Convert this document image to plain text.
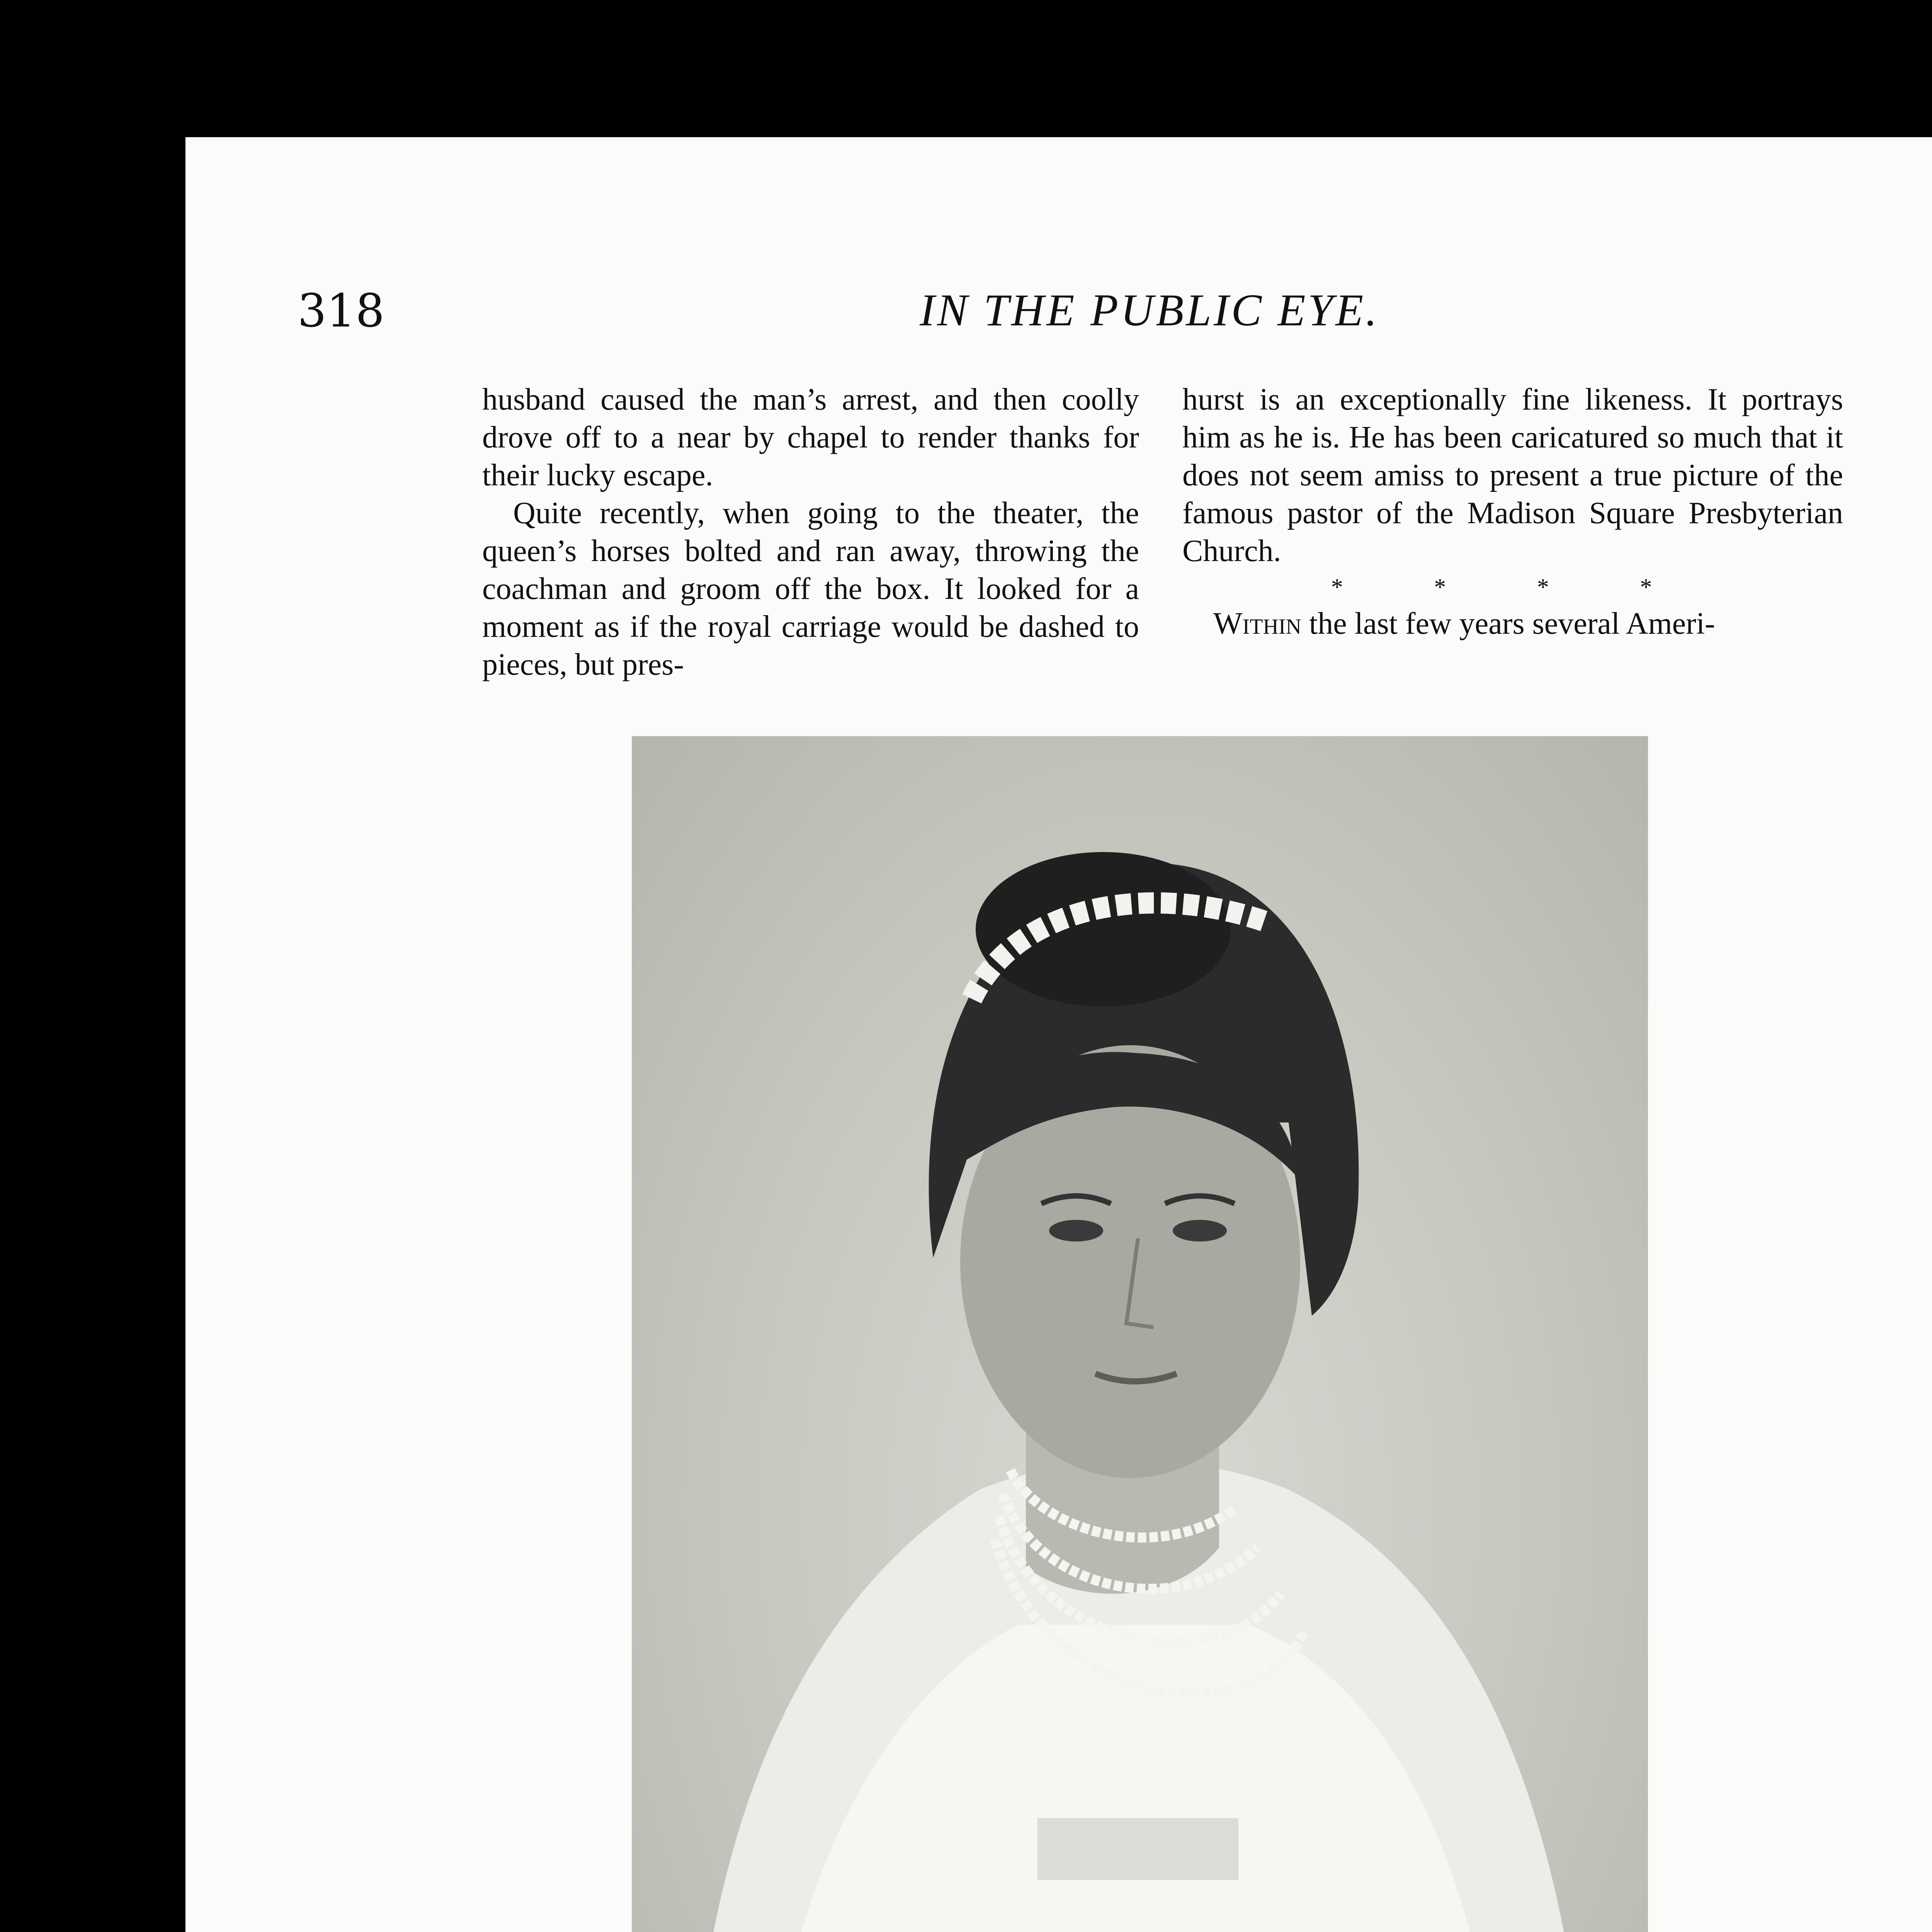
318	IN THE PUBLIC EYE.

husband caused the man’s arrest, and then coolly drove off to a near by chapel to render thanks for their lucky escape.

Quite recently, when going to the theater, the queen’s horses bolted and ran away, throwing the coachman and groom off the box. It looked for a moment as if the royal carriage would be dashed to pieces, but pres-

hurst is an exceptionally fine likeness. It portrays him as he is. He has been caricatured so much that it does not seem amiss to present a true picture of the famous pastor of the Madison Square Presbyterian Church.

* * * *

Within the last few years several Ameri-
